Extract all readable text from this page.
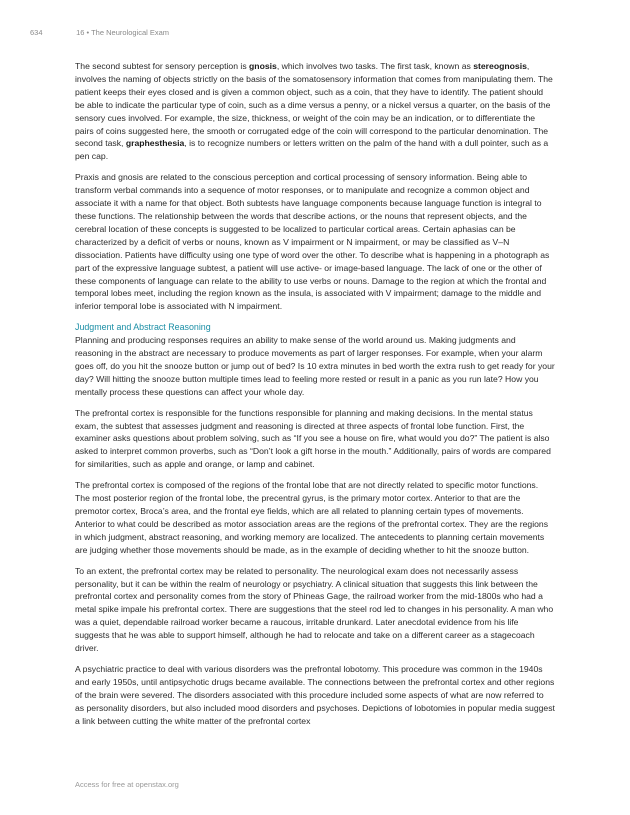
634	16 • The Neurological Exam

The second subtest for sensory perception is gnosis, which involves two tasks. The first task, known as stereognosis, involves the naming of objects strictly on the basis of the somatosensory information that comes from manipulating them. The patient keeps their eyes closed and is given a common object, such as a coin, that they have to identify. The patient should be able to indicate the particular type of coin, such as a dime versus a penny, or a nickel versus a quarter, on the basis of the sensory cues involved. For example, the size, thickness, or weight of the coin may be an indication, or to differentiate the pairs of coins suggested here, the smooth or corrugated edge of the coin will correspond to the particular denomination. The second task, graphesthesia, is to recognize numbers or letters written on the palm of the hand with a dull pointer, such as a pen cap.

Praxis and gnosis are related to the conscious perception and cortical processing of sensory information. Being able to transform verbal commands into a sequence of motor responses, or to manipulate and recognize a common object and associate it with a name for that object. Both subtests have language components because language function is integral to these functions. The relationship between the words that describe actions, or the nouns that represent objects, and the cerebral location of these concepts is suggested to be localized to particular cortical areas. Certain aphasias can be characterized by a deficit of verbs or nouns, known as V impairment or N impairment, or may be classified as V–N dissociation. Patients have difficulty using one type of word over the other. To describe what is happening in a photograph as part of the expressive language subtest, a patient will use active- or image-based language. The lack of one or the other of these components of language can relate to the ability to use verbs or nouns. Damage to the region at which the frontal and temporal lobes meet, including the region known as the insula, is associated with V impairment; damage to the middle and inferior temporal lobe is associated with N impairment.

Judgment and Abstract Reasoning

Planning and producing responses requires an ability to make sense of the world around us. Making judgments and reasoning in the abstract are necessary to produce movements as part of larger responses. For example, when your alarm goes off, do you hit the snooze button or jump out of bed? Is 10 extra minutes in bed worth the extra rush to get ready for your day? Will hitting the snooze button multiple times lead to feeling more rested or result in a panic as you run late? How you mentally process these questions can affect your whole day.

The prefrontal cortex is responsible for the functions responsible for planning and making decisions. In the mental status exam, the subtest that assesses judgment and reasoning is directed at three aspects of frontal lobe function. First, the examiner asks questions about problem solving, such as “If you see a house on fire, what would you do?” The patient is also asked to interpret common proverbs, such as “Don’t look a gift horse in the mouth.” Additionally, pairs of words are compared for similarities, such as apple and orange, or lamp and cabinet.

The prefrontal cortex is composed of the regions of the frontal lobe that are not directly related to specific motor functions. The most posterior region of the frontal lobe, the precentral gyrus, is the primary motor cortex. Anterior to that are the premotor cortex, Broca’s area, and the frontal eye fields, which are all related to planning certain types of movements. Anterior to what could be described as motor association areas are the regions of the prefrontal cortex. They are the regions in which judgment, abstract reasoning, and working memory are localized. The antecedents to planning certain movements are judging whether those movements should be made, as in the example of deciding whether to hit the snooze button.

To an extent, the prefrontal cortex may be related to personality. The neurological exam does not necessarily assess personality, but it can be within the realm of neurology or psychiatry. A clinical situation that suggests this link between the prefrontal cortex and personality comes from the story of Phineas Gage, the railroad worker from the mid-1800s who had a metal spike impale his prefrontal cortex. There are suggestions that the steel rod led to changes in his personality. A man who was a quiet, dependable railroad worker became a raucous, irritable drunkard. Later anecdotal evidence from his life suggests that he was able to support himself, although he had to relocate and take on a different career as a stagecoach driver.

A psychiatric practice to deal with various disorders was the prefrontal lobotomy. This procedure was common in the 1940s and early 1950s, until antipsychotic drugs became available. The connections between the prefrontal cortex and other regions of the brain were severed. The disorders associated with this procedure included some aspects of what are now referred to as personality disorders, but also included mood disorders and psychoses. Depictions of lobotomies in popular media suggest a link between cutting the white matter of the prefrontal cortex

Access for free at openstax.org
